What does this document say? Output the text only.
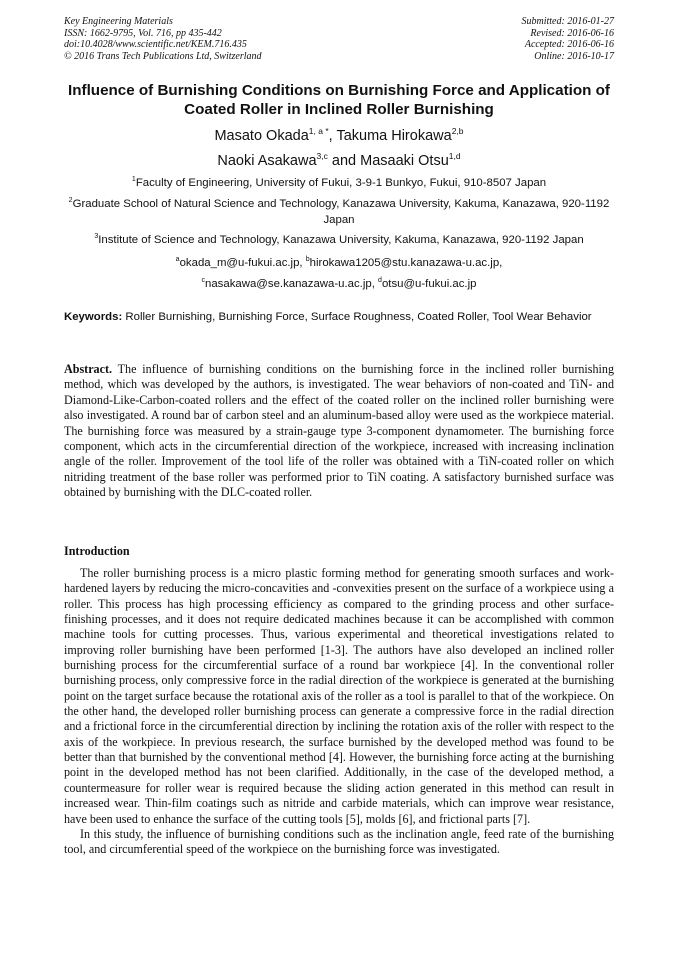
Key Engineering Materials
ISSN: 1662-9795, Vol. 716, pp 435-442
doi:10.4028/www.scientific.net/KEM.716.435
© 2016 Trans Tech Publications Ltd, Switzerland
Submitted: 2016-01-27
Revised: 2016-06-16
Accepted: 2016-06-16
Online: 2016-10-17
Influence of Burnishing Conditions on Burnishing Force and Application of Coated Roller in Inclined Roller Burnishing
Masato Okada$^{1, a *}$, Takuma Hirokawa$^{2,b}$
Naoki Asakawa$^{3,c}$ and Masaaki Otsu$^{1,d}$
$^1$Faculty of Engineering, University of Fukui, 3-9-1 Bunkyo, Fukui, 910-8507 Japan
$^2$Graduate School of Natural Science and Technology, Kanazawa University, Kakuma, Kanazawa, 920-1192 Japan
$^3$Institute of Science and Technology, Kanazawa University, Kakuma, Kanazawa, 920-1192 Japan
$^a$okada_m@u-fukui.ac.jp, $^b$hirokawa1205@stu.kanazawa-u.ac.jp,
$^c$nasakawa@se.kanazawa-u.ac.jp, $^d$otsu@u-fukui.ac.jp
Keywords: Roller Burnishing, Burnishing Force, Surface Roughness, Coated Roller, Tool Wear Behavior
Abstract. The influence of burnishing conditions on the burnishing force in the inclined roller burnishing method, which was developed by the authors, is investigated. The wear behaviors of non-coated and TiN- and Diamond-Like-Carbon-coated rollers and the effect of the coated roller on the inclined roller burnishing were also investigated. A round bar of carbon steel and an aluminum-based alloy were used as the workpiece material. The burnishing force was measured by a strain-gauge type 3-component dynamometer. The burnishing force component, which acts in the circumferential direction of the workpiece, increased with increasing inclination angle of the roller. Improvement of the tool life of the roller was obtained with a TiN-coated roller on which nitriding treatment of the base roller was performed prior to TiN coating. A satisfactory burnished surface was obtained by burnishing with the DLC-coated roller.
Introduction

The roller burnishing process is a micro plastic forming method for generating smooth surfaces and work-hardened layers by reducing the micro-concavities and -convexities present on the surface of a workpiece using a roller. This process has high processing efficiency as compared to the grinding process and other surface-finishing processes, and it does not require dedicated machines because it can be accomplished with common machine tools for cutting processes. Thus, various experimental and theoretical investigations related to improving roller burnishing have been performed [1-3]. The authors have also developed an inclined roller burnishing process for the circumferential surface of a round bar workpiece [4]. In the conventional roller burnishing process, only compressive force in the radial direction of the workpiece is generated at the burnishing point on the target surface because the rotational axis of the roller as a tool is parallel to that of the workpiece. On the other hand, the developed roller burnishing process can generate a compressive force in the radial direction and a frictional force in the circumferential direction by inclining the rotation axis of the roller with respect to the axis of the workpiece. In previous research, the surface burnished by the developed method was found to be better than that burnished by the conventional method [4]. However, the burnishing force acting at the burnishing point in the developed method has not been clarified. Additionally, in the case of the developed method, a countermeasure for roller wear is required because the sliding action generated in this method can result in increased wear. Thin-film coatings such as nitride and carbide materials, which can improve wear resistance, have been used to enhance the surface of the cutting tools [5], molds [6], and frictional parts [7].

In this study, the influence of burnishing conditions such as the inclination angle, feed rate of the burnishing tool, and circumferential speed of the workpiece on the burnishing force was investigated.
